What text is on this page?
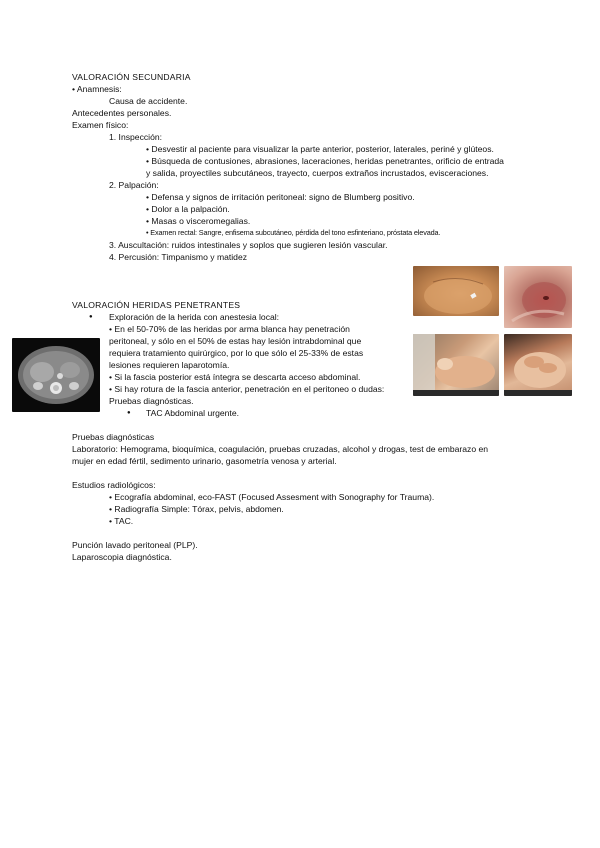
VALORACIÓN SECUNDARIA
• Anamnesis:
Causa de accidente.
Antecedentes personales.
Examen físico:
1. Inspección:
• Desvestir al paciente para visualizar la parte anterior, posterior, laterales, periné y glúteos.
• Búsqueda de contusiones, abrasiones, laceraciones, heridas penetrantes, orificio de entrada
y salida, proyectiles subcutáneos, trayecto, cuerpos extraños incrustados, evisceraciones.
2. Palpación:
• Defensa y signos de irritación peritoneal: signo de Blumberg positivo.
• Dolor a la palpación.
• Masas o visceromegalias.
• Examen rectal: Sangre, enfisema subcutáneo, pérdida del tono esfinteriano, próstata elevada.
3. Auscultación: ruidos intestinales y soplos que sugieren lesión vascular.
4. Percusión: Timpanismo y matidez

VALORACIÓN HERIDAS PENETRANTES
● Exploración de la herida con anestesia local:
• En el 50-70% de las heridas por arma blanca hay penetración
peritoneal, y sólo en el 50% de estas hay lesión intrabdominal que
requiera tratamiento quirúrgico, por lo que sólo el 25-33% de estas
lesiones requieren laparotomía.
• Si la fascia posterior está íntegra se descarta acceso abdominal.
• Si hay rotura de la fascia anterior, penetración en el peritoneo o dudas:
Pruebas diagnósticas.
● TAC Abdominal urgente.
Pruebas diagnósticas
Laboratorio: Hemograma, bioquímica, coagulación, pruebas cruzadas, alcohol y drogas, test de embarazo en
mujer en edad fértil, sedimento urinario, gasometría venosa y arterial.
Estudios radiológicos:
• Ecografía abdominal, eco-FAST (Focused Assesment with Sonography for Trauma).
• Radiografía Simple: Tórax, pelvis, abdomen.
• TAC.
Punción lavado peritoneal (PLP).
Laparoscopia diagnóstica.
